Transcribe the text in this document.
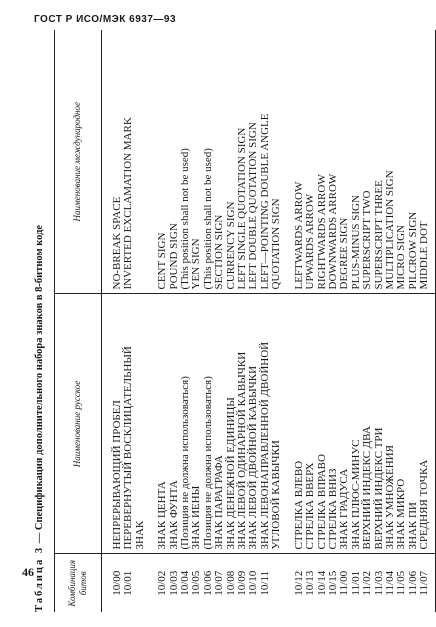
ГОСТ Р ИСО/МЭК 6937—93
Таблица 3 — Спецификация дополнительного набора знаков в 8-битном коде
Комбинация битов	Наименование русское	Наименование международное
10/00	НЕПРЕРЫВАЮЩИЙ ПРОБЕЛ	NO-BREAK SPACE
10/01	ПЕРЕВЕРНУТЫЙ ВОСКЛИЦАТЕЛЬНЫЙ	INVERTED EXCLAMATION MARK
	ЗНАК	
10/02	ЗНАК ЦЕНТА	CENT SIGN
10/03	ЗНАК ФУНТА	POUND SIGN
10/04	(Позиция не должна использоваться)	(This position shall not be used)
10/05	ЗНАК ИЕНЫ	YEN SIGN
10/06	(Позиция не должна использоваться)	(This position shall not be used)
10/07	ЗНАК ПАРАГРАФА	SECTION SIGN
10/08	ЗНАК ДЕНЕЖНОЙ ЕДИНИЦЫ	CURRENCY SIGN
10/09	ЗНАК ЛЕВОЙ ОДИНАРНОЙ КАВЫЧКИ	LEFT SINGLE QUOTATION SIGN
10/10	ЗНАК ЛЕВОЙ ДВОЙНОЙ КАВЫЧКИ	LEFT DOUBLE QUOTATION SIGN
10/11	ЗНАК ЛЕВОНАПРАВЛЕННОЙ ДВОЙНОЙ	LEFT—POINTING DOUBLE ANGLE
	УГЛОВОЙ КАВЫЧКИ	QUOTATION SIGN
10/12	СТРЕЛКА ВЛЕВО	LEFTWARDS ARROW
10/13	СТРЕЛКА ВВЕРХ	UPWARDS ARROW
10/14	СТРЕЛКА ВПРАВО	RIGHTWARDS ARROW
10/15	СТРЕЛКА ВНИЗ	DOWNWARDS ARROW
11/00	ЗНАК ГРАДУСА	DEGREE SIGN
11/01	ЗНАК ПЛЮС-МИНУС	PLUS-MINUS SIGN
11/02	ВЕРХНИЙ ИНДЕКС ДВА	SUPERSCRIPT TWO
11/03	ВЕРХНИЙ ИНДЕКС ТРИ	SUPERSCRIPT THREE
11/04	ЗНАК УМНОЖЕНИЯ	MULTIPLICATION SIGN
11/05	ЗНАК МИКРО	MICRO SIGN
11/06	ЗНАК ПИ	PILCROW SIGN
11/07	СРЕДНЯЯ ТОЧКА	MIDDLE DOT
46
